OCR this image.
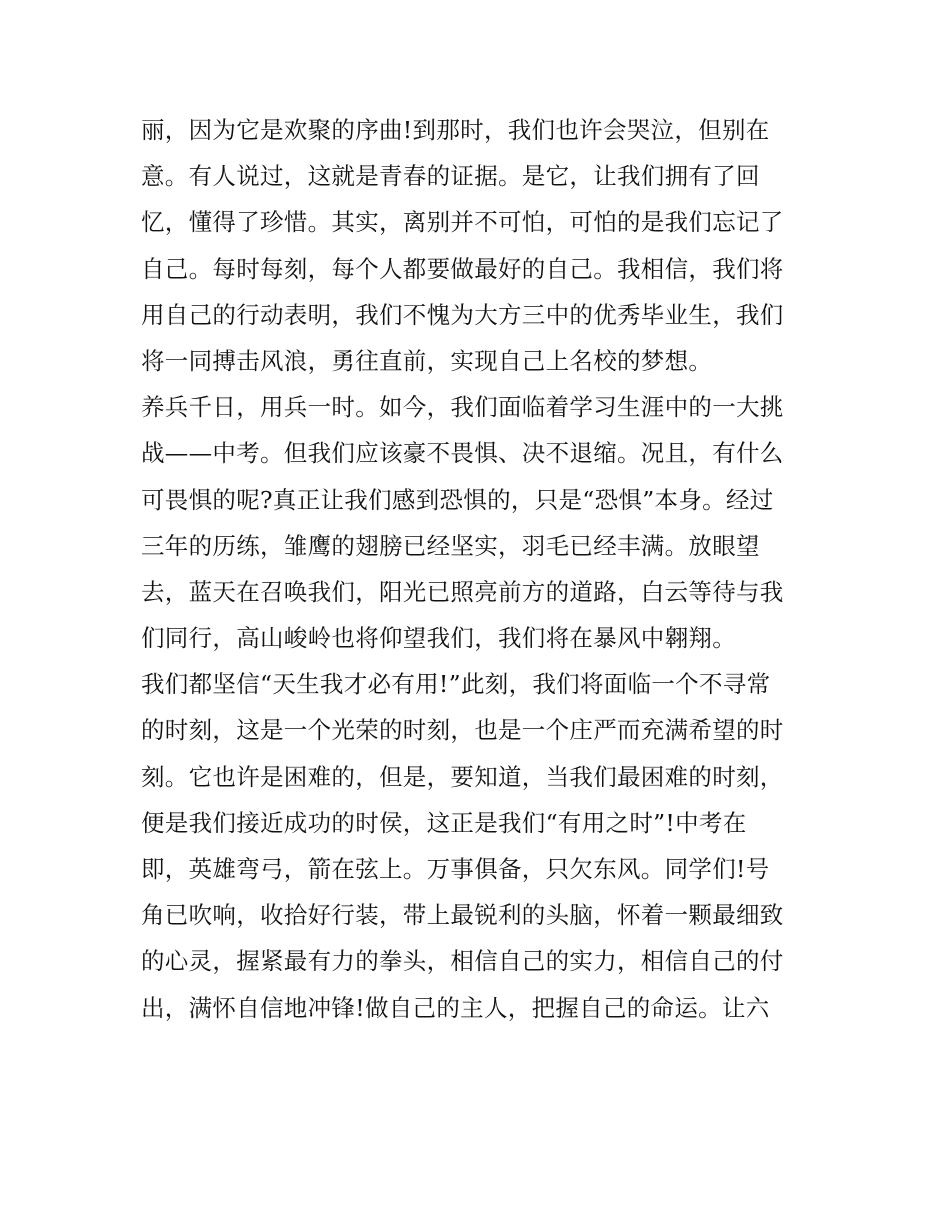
丽，因为它是欢聚的序曲!到那时，我们也许会哭泣，但别在
意。有人说过，这就是青春的证据。是它，让我们拥有了回
忆，懂得了珍惜。其实，离别并不可怕，可怕的是我们忘记了
自己。每时每刻，每个人都要做最好的自己。我相信，我们将
用自己的行动表明，我们不愧为大方三中的优秀毕业生，我们
将一同搏击风浪，勇往直前，实现自己上名校的梦想。
养兵千日，用兵一时。如今，我们面临着学习生涯中的一大挑
战——中考。但我们应该豪不畏惧、决不退缩。况且，有什么
可畏惧的呢?真正让我们感到恐惧的，只是“恐惧”本身。经过
三年的历练，雏鹰的翅膀已经坚实，羽毛已经丰满。放眼望
去，蓝天在召唤我们，阳光已照亮前方的道路，白云等待与我
们同行，高山峻岭也将仰望我们，我们将在暴风中翱翔。
我们都坚信“天生我才必有用!”此刻，我们将面临一个不寻常
的时刻，这是一个光荣的时刻，也是一个庄严而充满希望的时
刻。它也许是困难的，但是，要知道，当我们最困难的时刻，
便是我们接近成功的时侯，这正是我们“有用之时”!中考在
即，英雄弯弓，箭在弦上。万事俱备，只欠东风。同学们!号
角已吹响，收拾好行装，带上最锐利的头脑，怀着一颗最细致
的心灵，握紧最有力的拳头，相信自己的实力，相信自己的付
出，满怀自信地冲锋!做自己的主人，把握自己的命运。让六
